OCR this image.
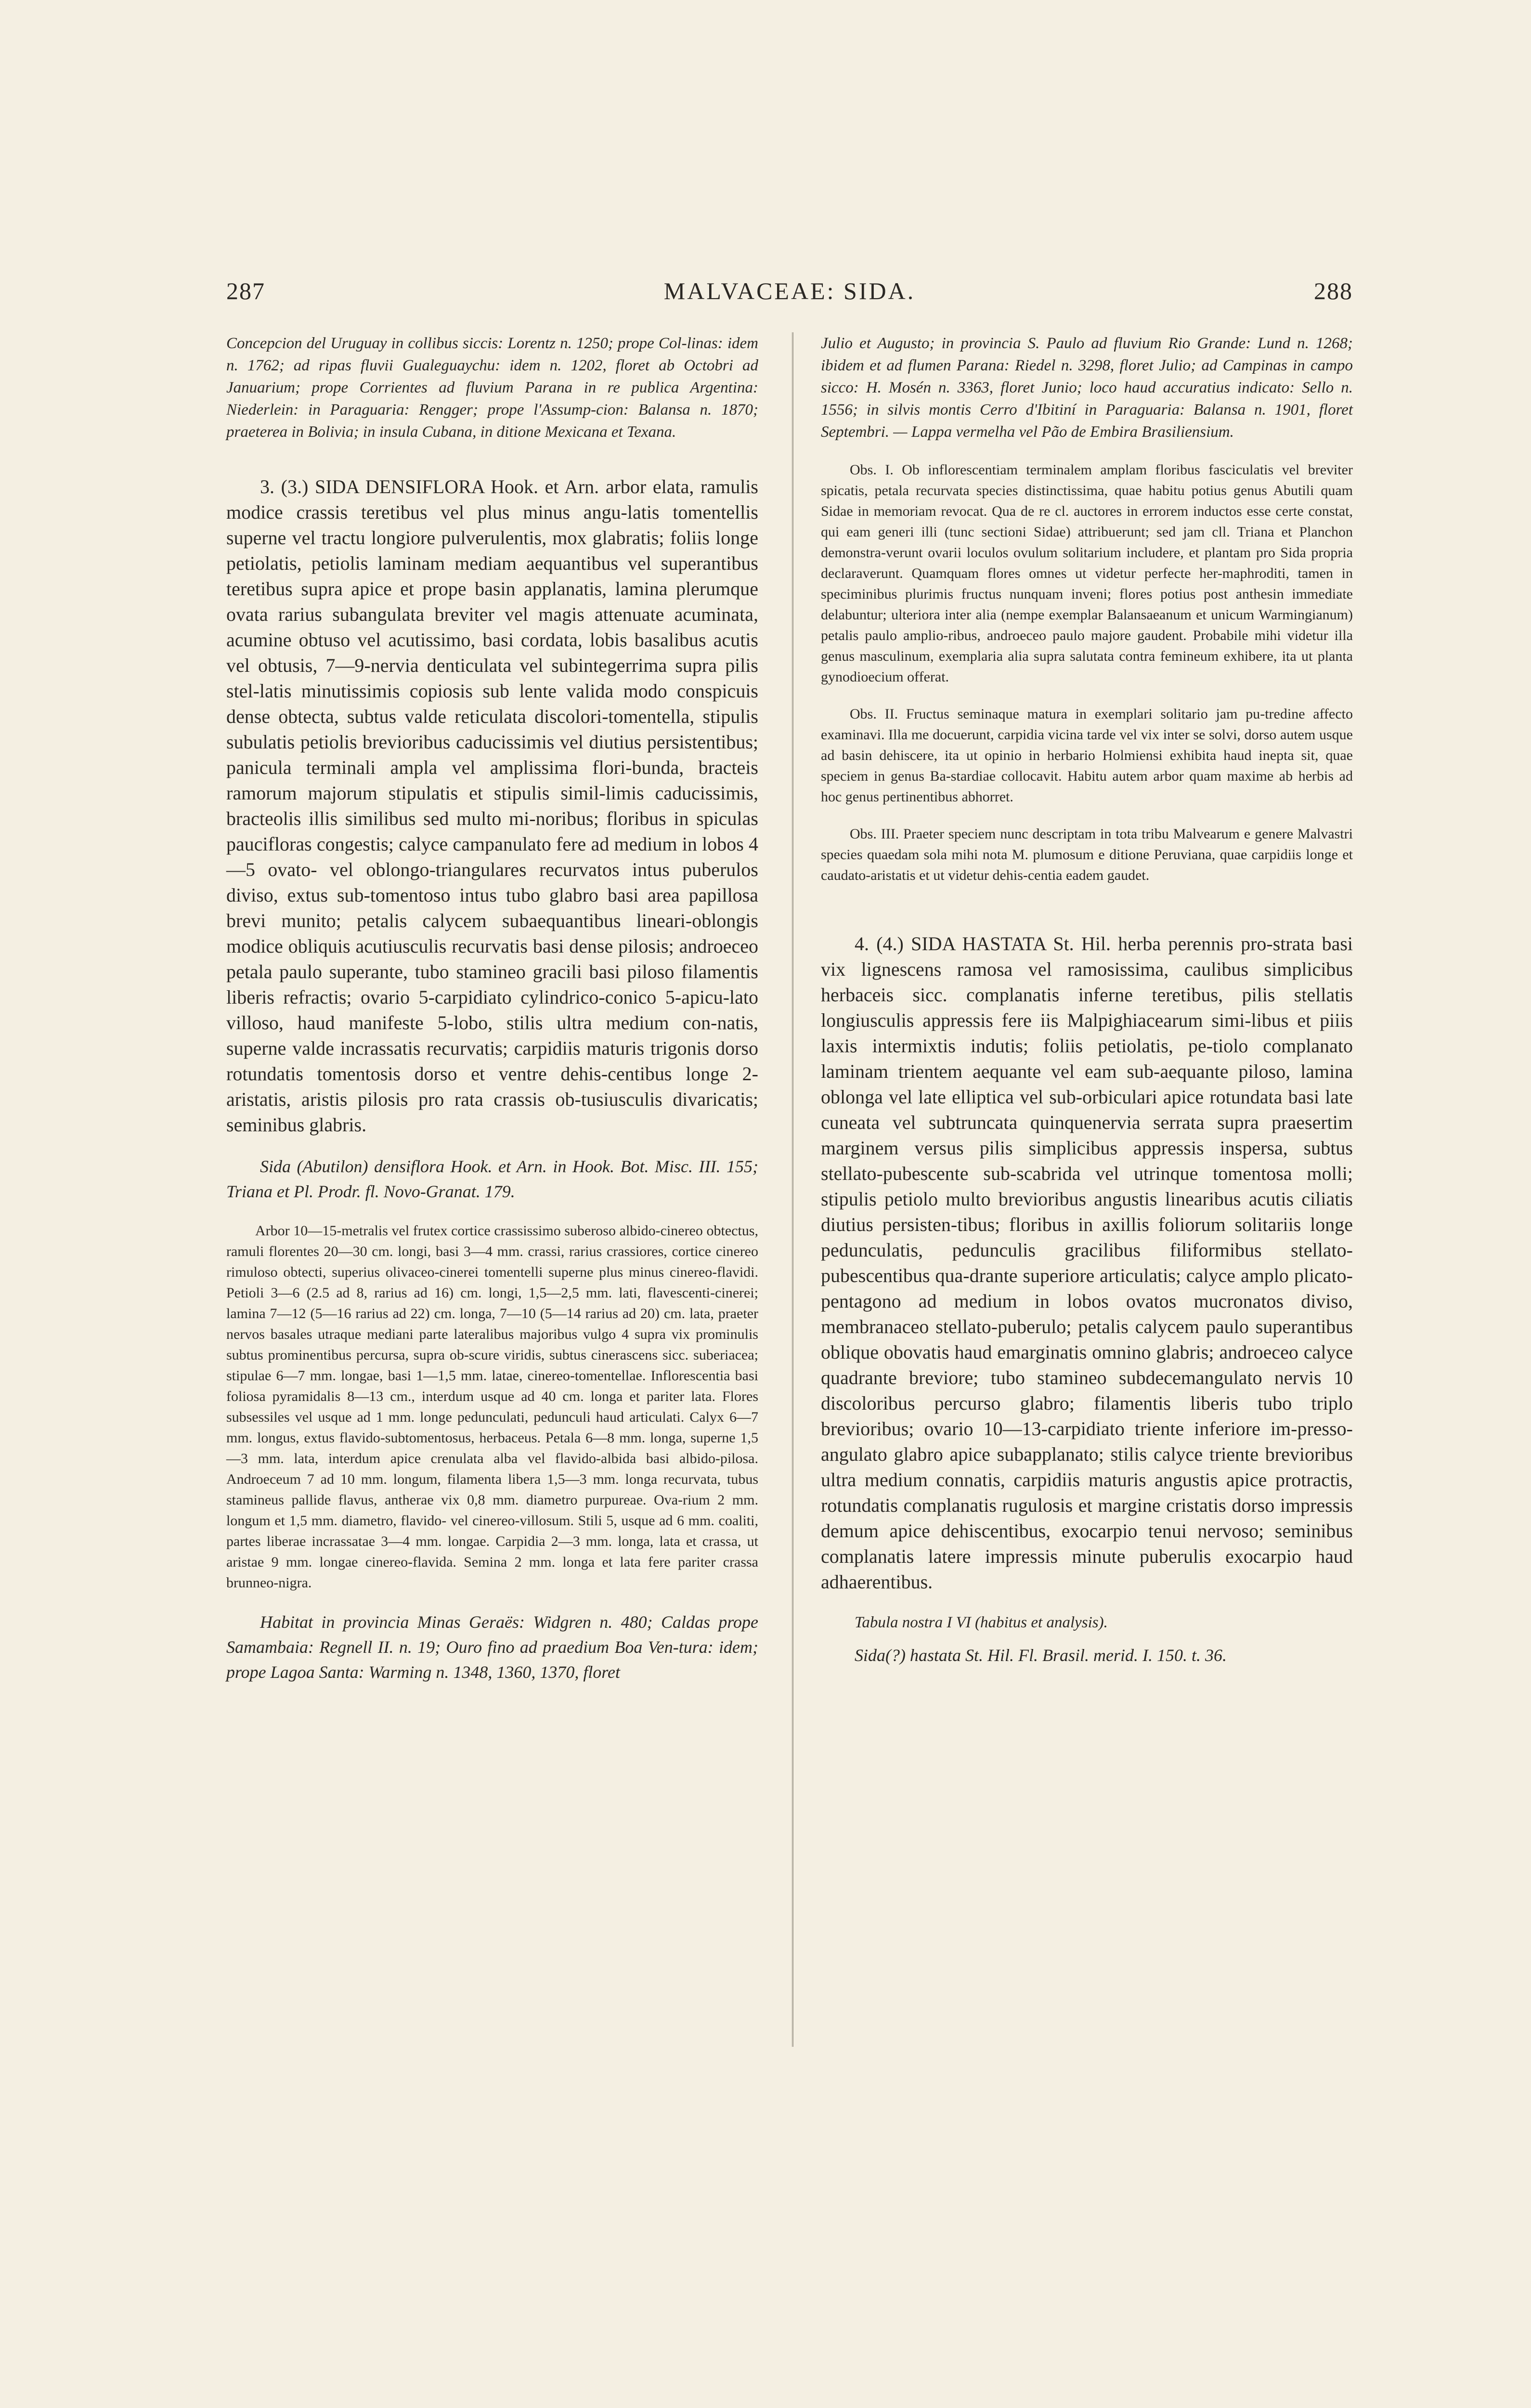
287	MALVACEAE: SIDA.	288

Concepcion del Uruguay in collibus siccis: Lorentz n. 1250; prope Col-linas: idem n. 1762; ad ripas fluvii Gualeguaychu: idem n. 1202, floret ab Octobri ad Januarium; prope Corrientes ad fluvium Parana in re publica Argentina: Niederlein: in Paraguaria: Rengger; prope l'Assump-cion: Balansa n. 1870; praeterea in Bolivia; in insula Cubana, in ditione Mexicana et Texana.

3. (3.) SIDA DENSIFLORA Hook. et Arn. arbor elata, ramulis modice crassis teretibus vel plus minus angu-latis tomentellis superne vel tractu longiore pulverulentis, mox glabratis; foliis longe petiolatis, petiolis laminam mediam aequantibus vel superantibus teretibus supra apice et prope basin applanatis, lamina plerumque ovata rarius subangulata breviter vel magis attenuate acuminata, acumine obtuso vel acutissimo, basi cordata, lobis basalibus acutis vel obtusis, 7—9-nervia denticulata vel subintegerrima supra pilis stel-latis minutissimis copiosis sub lente valida modo conspicuis dense obtecta, subtus valde reticulata discolori-tomentella, stipulis subulatis petiolis brevioribus caducissimis vel diutius persistentibus; panicula terminali ampla vel amplissima flori-bunda, bracteis ramorum majorum stipulatis et stipulis simil-limis caducissimis, bracteolis illis similibus sed multo mi-noribus; floribus in spiculas paucifloras congestis; calyce campanulato fere ad medium in lobos 4—5 ovato- vel oblongo-triangulares recurvatos intus puberulos diviso, extus sub-tomentoso intus tubo glabro basi area papillosa brevi munito; petalis calycem subaequantibus lineari-oblongis modice obliquis acutiusculis recurvatis basi dense pilosis; androeceo petala paulo superante, tubo stamineo gracili basi piloso filamentis liberis refractis; ovario 5-carpidiato cylindrico-conico 5-apicu-lato villoso, haud manifeste 5-lobo, stilis ultra medium con-natis, superne valde incrassatis recurvatis; carpidiis maturis trigonis dorso rotundatis tomentosis dorso et ventre dehis-centibus longe 2-aristatis, aristis pilosis pro rata crassis ob-tusiusculis divaricatis; seminibus glabris.

Sida (Abutilon) densiflora Hook. et Arn. in Hook. Bot. Misc. III. 155; Triana et Pl. Prodr. fl. Novo-Granat. 179.

Arbor 10—15-metralis vel frutex cortice crassissimo suberoso albido-cinereo obtectus, ramuli florentes 20—30 cm. longi, basi 3—4 mm. crassi, rarius crassiores, cortice cinereo rimuloso obtecti, superius olivaceo-cinerei tomentelli superne plus minus cinereo-flavidi. Petioli 3—6 (2.5 ad 8, rarius ad 16) cm. longi, 1,5—2,5 mm. lati, flavescenti-cinerei; lamina 7—12 (5—16 rarius ad 22) cm. longa, 7—10 (5—14 rarius ad 20) cm. lata, praeter nervos basales utraque mediani parte lateralibus majoribus vulgo 4 supra vix prominulis subtus prominentibus percursa, supra ob-scure viridis, subtus cinerascens sicc. suberiacea; stipulae 6—7 mm. longae, basi 1—1,5 mm. latae, cinereo-tomentellae. Inflorescentia basi foliosa pyramidalis 8—13 cm., interdum usque ad 40 cm. longa et pariter lata. Flores subsessiles vel usque ad 1 mm. longe pedunculati, pedunculi haud articulati. Calyx 6—7 mm. longus, extus flavido-subtomentosus, herbaceus. Petala 6—8 mm. longa, superne 1,5—3 mm. lata, interdum apice crenulata alba vel flavido-albida basi albido-pilosa. Androeceum 7 ad 10 mm. longum, filamenta libera 1,5—3 mm. longa recurvata, tubus stamineus pallide flavus, antherae vix 0,8 mm. diametro purpureae. Ova-rium 2 mm. longum et 1,5 mm. diametro, flavido- vel cinereo-villosum. Stili 5, usque ad 6 mm. coaliti, partes liberae incrassatae 3—4 mm. longae. Carpidia 2—3 mm. longa, lata et crassa, ut aristae 9 mm. longae cinereo-flavida. Semina 2 mm. longa et lata fere pariter crassa brunneo-nigra.

Habitat in provincia Minas Geraës: Widgren n. 480; Caldas prope Samambaia: Regnell II. n. 19; Ouro fino ad praedium Boa Ven-tura: idem; prope Lagoa Santa: Warming n. 1348, 1360, 1370, floret

Julio et Augusto; in provincia S. Paulo ad fluvium Rio Grande: Lund n. 1268; ibidem et ad flumen Parana: Riedel n. 3298, floret Julio; ad Campinas in campo sicco: H. Mosén n. 3363, floret Junio; loco haud accuratius indicato: Sello n. 1556; in silvis montis Cerro d'Ibitiní in Paraguaria: Balansa n. 1901, floret Septembri. — Lappa vermelha vel Pão de Embira Brasiliensium.

Obs. I. Ob inflorescentiam terminalem amplam floribus fasciculatis vel breviter spicatis, petala recurvata species distinctissima, quae habitu potius genus Abutili quam Sidae in memoriam revocat. Qua de re cl. auctores in errorem inductos esse certe constat, qui eam generi illi (tunc sectioni Sidae) attribuerunt; sed jam cll. Triana et Planchon demonstra-verunt ovarii loculos ovulum solitarium includere, et plantam pro Sida propria declaraverunt. Quamquam flores omnes ut videtur perfecte her-maphroditi, tamen in speciminibus plurimis fructus nunquam inveni; flores potius post anthesin immediate delabuntur; ulteriora inter alia (nempe exemplar Balansaeanum et unicum Warmingianum) petalis paulo amplio-ribus, androeceo paulo majore gaudent. Probabile mihi videtur illa genus masculinum, exemplaria alia supra salutata contra femineum exhibere, ita ut planta gynodioecium offerat.

Obs. II. Fructus seminaque matura in exemplari solitario jam pu-tredine affecto examinavi. Illa me docuerunt, carpidia vicina tarde vel vix inter se solvi, dorso autem usque ad basin dehiscere, ita ut opinio in herbario Holmiensi exhibita haud inepta sit, quae speciem in genus Ba-stardiae collocavit. Habitu autem arbor quam maxime ab herbis ad hoc genus pertinentibus abhorret.

Obs. III. Praeter speciem nunc descriptam in tota tribu Malvearum e genere Malvastri species quaedam sola mihi nota M. plumosum e ditione Peruviana, quae carpidiis longe et caudato-aristatis et ut videtur dehis-centia eadem gaudet.

4. (4.) SIDA HASTATA St. Hil. herba perennis pro-strata basi vix lignescens ramosa vel ramosissima, caulibus simplicibus herbaceis sicc. complanatis inferne teretibus, pilis stellatis longiusculis appressis fere iis Malpighiacearum simi-libus et piiis laxis intermixtis indutis; foliis petiolatis, pe-tiolo complanato laminam trientem aequante vel eam sub-aequante piloso, lamina oblonga vel late elliptica vel sub-orbiculari apice rotundata basi late cuneata vel subtruncata quinquenervia serrata supra praesertim marginem versus pilis simplicibus appressis inspersa, subtus stellato-pubescente sub-scabrida vel utrinque tomentosa molli; stipulis petiolo multo brevioribus angustis linearibus acutis ciliatis diutius persisten-tibus; floribus in axillis foliorum solitariis longe pedunculatis, pedunculis gracilibus filiformibus stellato-pubescentibus qua-drante superiore articulatis; calyce amplo plicato-pentagono ad medium in lobos ovatos mucronatos diviso, membranaceo stellato-puberulo; petalis calycem paulo superantibus oblique obovatis haud emarginatis omnino glabris; androeceo calyce quadrante breviore; tubo stamineo subdecemangulato nervis 10 discoloribus percurso glabro; filamentis liberis tubo triplo brevioribus; ovario 10—13-carpidiato triente inferiore im-presso-angulato glabro apice subapplanato; stilis calyce triente brevioribus ultra medium connatis, carpidiis maturis angustis apice protractis, rotundatis complanatis rugulosis et margine cristatis dorso impressis demum apice dehiscentibus, exocarpio tenui nervoso; seminibus complanatis latere impressis minute puberulis exocarpio haud adhaerentibus.

Tabula nostra I VI (habitus et analysis).

Sida(?) hastata St. Hil. Fl. Brasil. merid. I. 150. t. 36.
